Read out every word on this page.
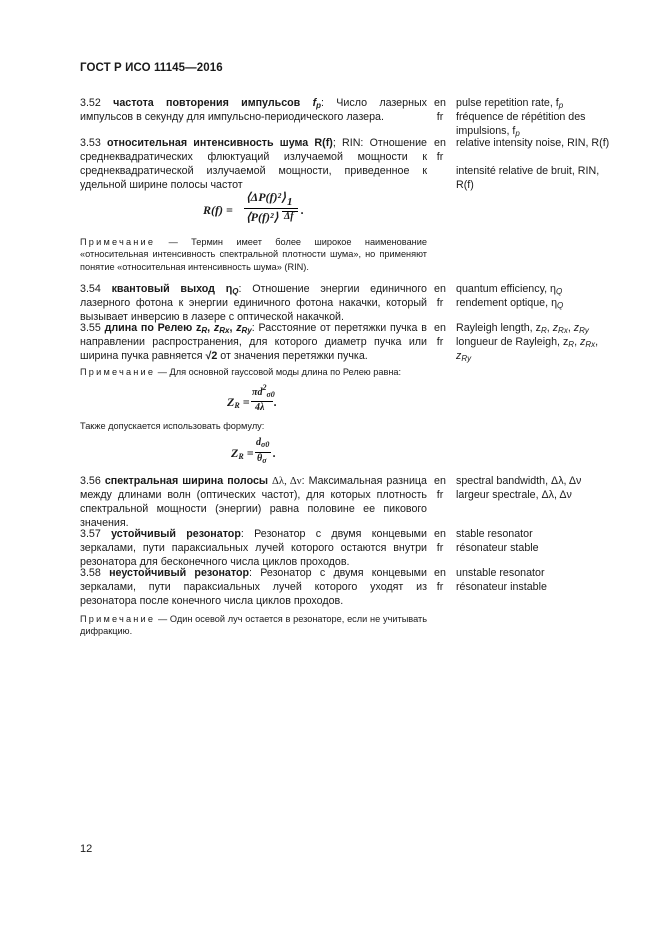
ГОСТ Р ИСО 11145—2016
3.52 частота повторения импульсов $f_p$: Число лазерных импульсов в секунду для импульсно-периодического лазера.
en
fr
pulse repetition rate, $f_p$
fréquence de répétition des impulsions, $f_p$
3.53 относительная интенсивность шума R(f); RIN: Отношение среднеквадратических флюктуаций излучаемой мощности к среднеквадратической излучаемой мощности, приведенное к удельной ширине полосы частот
en
fr
relative intensity noise, RIN, R(f)
intensité relative de bruit, RIN, R(f)
R(f) =
⟨ΔP(f)²⟩
⟨P(f)²⟩
1
Δf .
Примечание — Термин имеет более широкое наименование «относительная интенсивность спектральной плотности шума», но применяют понятие «относительная интенсивность шума» (RIN).
3.54 квантовый выход $\eta_Q$: Отношение энергии единичного лазерного фотона к энергии единичного фотона накачки, который вызывает инверсию в лазере с оптической накачкой.
en
fr
quantum efficiency, $\eta_Q$
rendement optique, $\eta_Q$
3.55 длина по Релею $z_R$, $z_{Rx}$, $z_{Ry}$: Расстояние от перетяжки пучка в направлении распространения, для которого диаметр пучка или ширина пучка равняется √2 от значения перетяжки пучка.
en
fr
Rayleigh length, $z_R$, $z_{Rx}$, $z_{Ry}$
longueur de Rayleigh, $z_R$, $z_{Rx}$,
$z_{Ry}$
Примечание — Для основной гауссовой моды длина по Релею равна:
$Z_R$ =
$\pi d^2_{\sigma 0}$
4λ .
Также допускается использовать формулу:
$Z_R$ =
$d_{\sigma 0}$
$\theta_\sigma$
.
3.56 спектральная ширина полосы Δλ, Δν: Максимальная разница между длинами волн (оптических частот), для которых плотность спектральной мощности (энергии) равна половине ее пикового значения.
en
fr
spectral bandwidth, Δλ, Δν
largeur spectrale, Δλ, Δν
3.57 устойчивый резонатор: Резонатор с двумя концевыми зеркалами, пути параксиальных лучей которого остаются внутри резонатора для бесконечного числа циклов проходов.
en
fr
stable resonator
résonateur stable
3.58 неустойчивый резонатор: Резонатор с двумя концевыми зеркалами, пути параксиальных лучей которого уходят из резонатора после конечного числа циклов проходов.
en
fr
unstable resonator
résonateur instable
Примечание — Один осевой луч остается в резонаторе, если не учитывать дифракцию.
12
